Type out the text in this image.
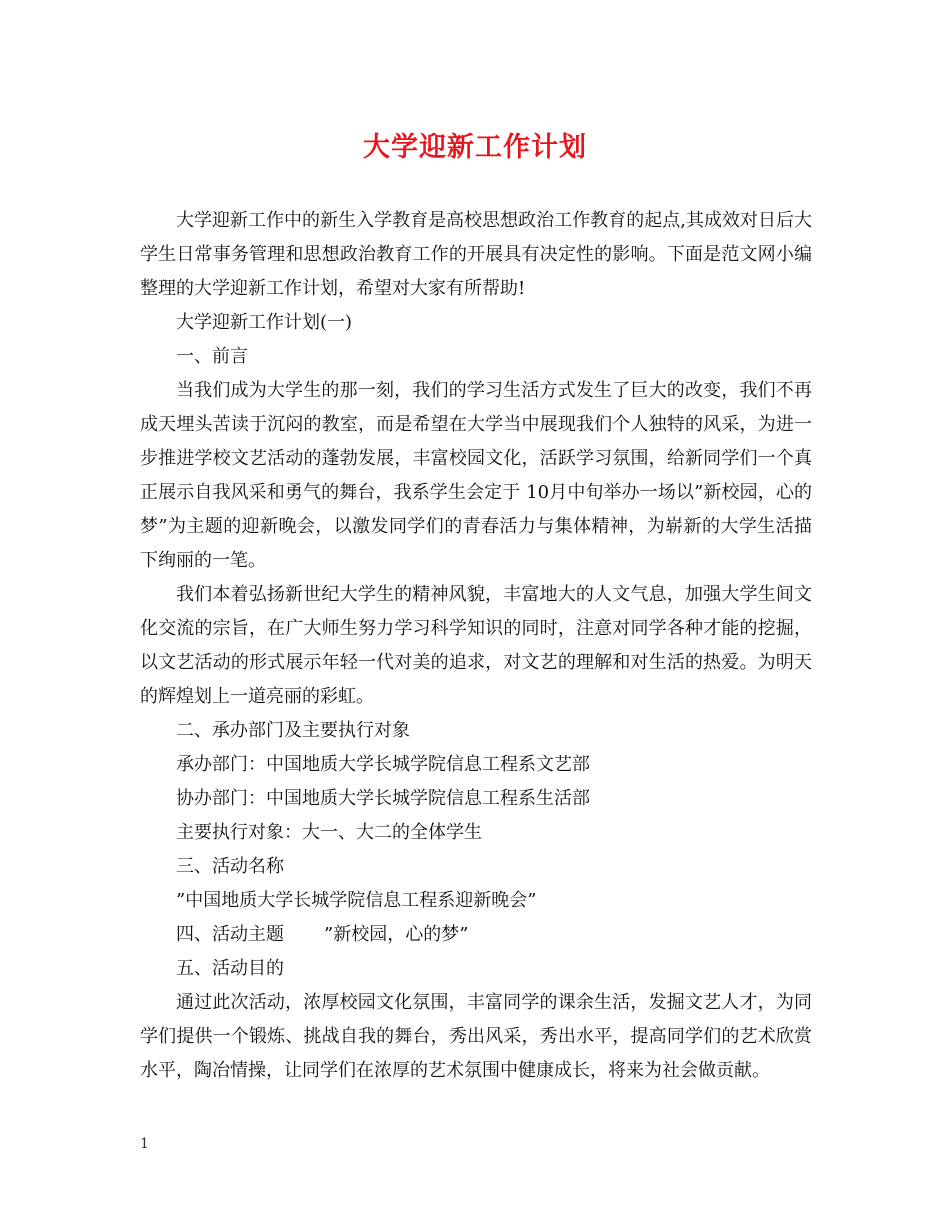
大学迎新工作计划

大学迎新工作中的新生入学教育是高校思想政治工作教育的起点,其成效对日后大学生日常事务管理和思想政治教育工作的开展具有决定性的影响。下面是范文网小编整理的大学迎新工作计划，希望对大家有所帮助!

大学迎新工作计划(一)

一、前言

当我们成为大学生的那一刻，我们的学习生活方式发生了巨大的改变，我们不再成天埋头苦读于沉闷的教室，而是希望在大学当中展现我们个人独特的风采，为进一步推进学校文艺活动的蓬勃发展，丰富校园文化，活跃学习氛围，给新同学们一个真正展示自我风采和勇气的舞台，我系学生会定于 10月中旬举办一场以”新校园，心的梦”为主题的迎新晚会，以激发同学们的青春活力与集体精神，为崭新的大学生活描下绚丽的一笔。

我们本着弘扬新世纪大学生的精神风貌，丰富地大的人文气息，加强大学生间文化交流的宗旨，在广大师生努力学习科学知识的同时，注意对同学各种才能的挖掘，以文艺活动的形式展示年轻一代对美的追求，对文艺的理解和对生活的热爱。为明天的辉煌划上一道亮丽的彩虹。

二、承办部门及主要执行对象

承办部门：中国地质大学长城学院信息工程系文艺部

协办部门：中国地质大学长城学院信息工程系生活部

主要执行对象：大一、大二的全体学生

三、活动名称

”中国地质大学长城学院信息工程系迎新晚会”

四、活动主题 ”新校园，心的梦”

五、活动目的

通过此次活动，浓厚校园文化氛围，丰富同学的课余生活，发掘文艺人才，为同学们提供一个锻炼、挑战自我的舞台，秀出风采，秀出水平，提高同学们的艺术欣赏水平，陶冶情操，让同学们在浓厚的艺术氛围中健康成长，将来为社会做贡献。

1
